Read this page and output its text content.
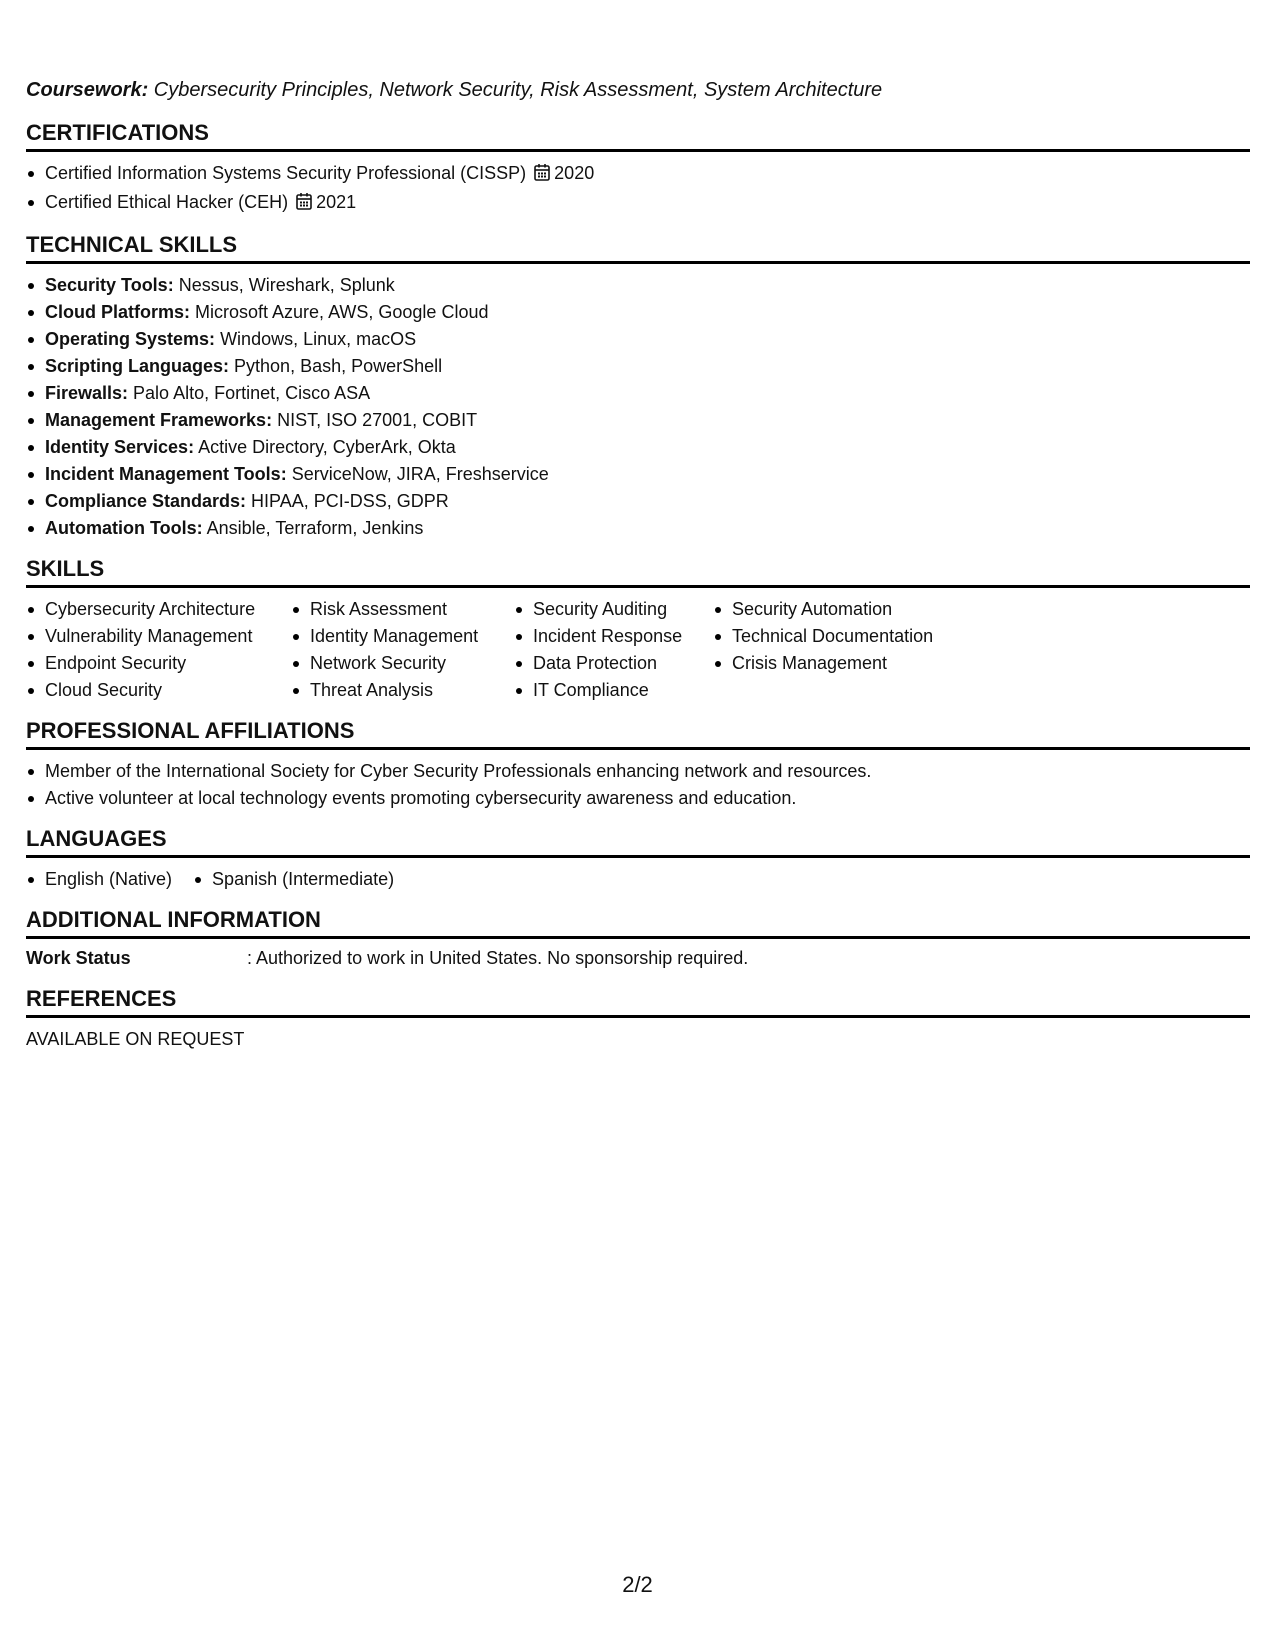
Coursework: Cybersecurity Principles, Network Security, Risk Assessment, System Architecture
CERTIFICATIONS
Certified Information Systems Security Professional (CISSP) 2020
Certified Ethical Hacker (CEH) 2021
TECHNICAL SKILLS
Security Tools: Nessus, Wireshark, Splunk
Cloud Platforms: Microsoft Azure, AWS, Google Cloud
Operating Systems: Windows, Linux, macOS
Scripting Languages: Python, Bash, PowerShell
Firewalls: Palo Alto, Fortinet, Cisco ASA
Management Frameworks: NIST, ISO 27001, COBIT
Identity Services: Active Directory, CyberArk, Okta
Incident Management Tools: ServiceNow, JIRA, Freshservice
Compliance Standards: HIPAA, PCI-DSS, GDPR
Automation Tools: Ansible, Terraform, Jenkins
SKILLS
Cybersecurity Architecture
Vulnerability Management
Endpoint Security
Cloud Security
Risk Assessment
Identity Management
Network Security
Threat Analysis
Security Auditing
Incident Response
Data Protection
IT Compliance
Security Automation
Technical Documentation
Crisis Management
PROFESSIONAL AFFILIATIONS
Member of the International Society for Cyber Security Professionals enhancing network and resources.
Active volunteer at local technology events promoting cybersecurity awareness and education.
LANGUAGES
English (Native)	Spanish (Intermediate)
ADDITIONAL INFORMATION
Work Status	: Authorized to work in United States. No sponsorship required.
REFERENCES
AVAILABLE ON REQUEST
2/2
